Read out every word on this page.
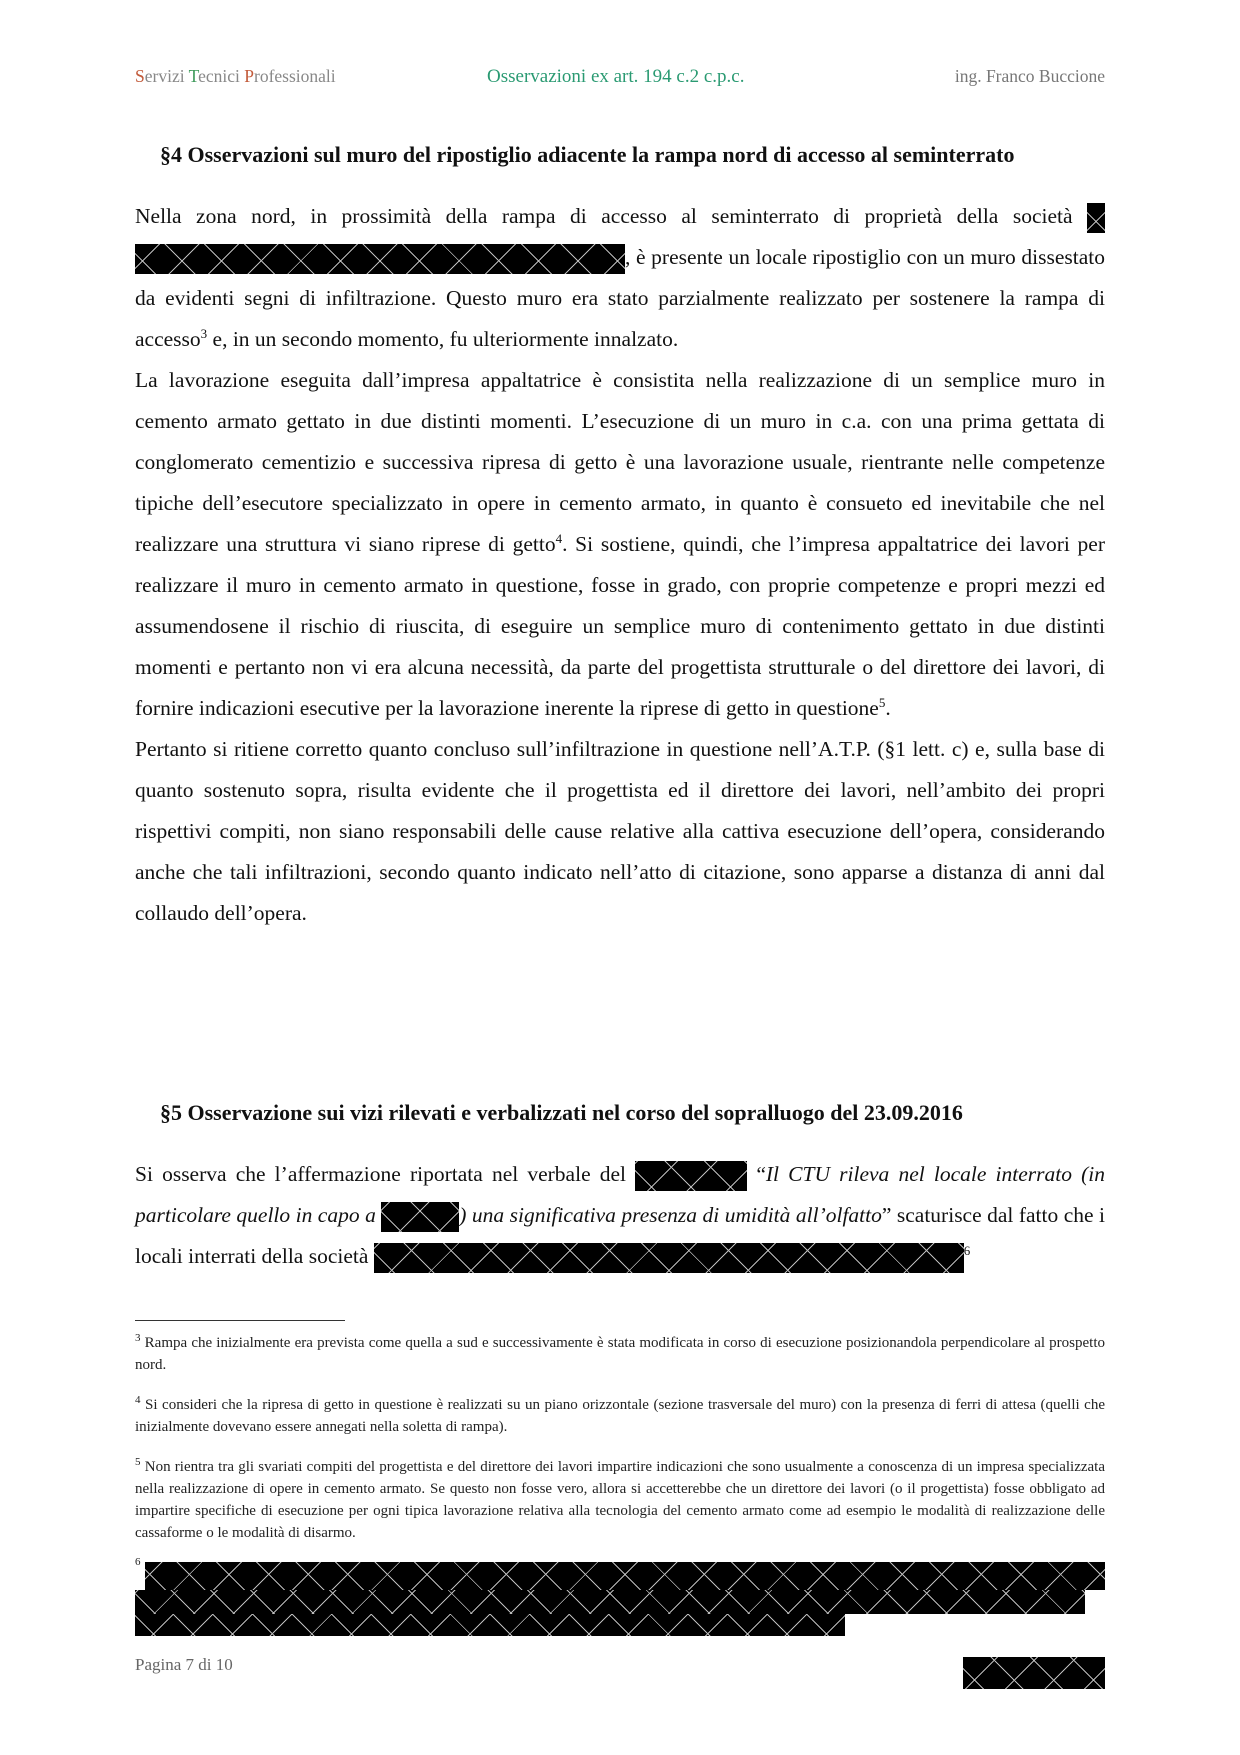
Servizi Tecnici Professionali	Osservazioni ex art. 194 c.2 c.p.c.	ing. Franco Buccione
§4 Osservazioni sul muro del ripostiglio adiacente la rampa nord di accesso al seminterrato

Nella zona nord, in prossimità della rampa di accesso al seminterrato di proprietà della società  , è presente un locale ripostiglio con un muro dissestato da evidenti segni di infiltrazione. Questo muro era stato parzialmente realizzato per sostenere la rampa di accesso$^3$ e, in un secondo momento, fu ulteriormente innalzato.

La lavorazione eseguita dall’impresa appaltatrice è consistita nella realizzazione di un semplice muro in cemento armato gettato in due distinti momenti. L’esecuzione di un muro in c.a. con una prima gettata di conglomerato cementizio e successiva ripresa di getto è una lavorazione usuale, rientrante nelle competenze tipiche dell’esecutore specializzato in opere in cemento armato, in quanto è consueto ed inevitabile che nel realizzare una struttura vi siano riprese di getto$^4$. Si sostiene, quindi, che l’impresa appaltatrice dei lavori per realizzare il muro in cemento armato in questione, fosse in grado, con proprie competenze e propri mezzi ed assumendosene il rischio di riuscita, di eseguire un semplice muro di contenimento gettato in due distinti momenti e pertanto non vi era alcuna necessità, da parte del progettista strutturale o del direttore dei lavori, di fornire indicazioni esecutive per la lavorazione inerente la riprese di getto in questione$^5$.

Pertanto si ritiene corretto quanto concluso sull’infiltrazione in questione nell’A.T.P. (§1 lett. c) e, sulla base di quanto sostenuto sopra, risulta evidente che il progettista ed il direttore dei lavori, nell’ambito dei propri rispettivi compiti, non siano responsabili delle cause relative alla cattiva esecuzione dell’opera, considerando anche che tali infiltrazioni, secondo quanto indicato nell’atto di citazione, sono apparse a distanza di anni dal collaudo dell’opera.

§5 Osservazione sui vizi rilevati e verbalizzati nel corso del sopralluogo del 23.09.2016

Si osserva che l’affermazione riportata nel verbale del	“Il CTU rileva nel locale interrato (in particolare quello in capo a	) una significativa presenza di umidità all’olfatto” scaturisce dal fatto che i locali interrati della società	$^6$

$^3$ Rampa che inizialmente era prevista come quella a sud e successivamente è stata modificata in corso di esecuzione posizionandola perpendicolare al prospetto nord.
$^4$ Si consideri che la ripresa di getto in questione è realizzati su un piano orizzontale (sezione trasversale del muro) con la presenza di ferri di attesa (quelli che inizialmente dovevano essere annegati nella soletta di rampa).
$^5$ Non rientra tra gli svariati compiti del progettista e del direttore dei lavori impartire indicazioni che sono usualmente a conoscenza di un impresa specializzata nella realizzazione di opere in cemento armato. Se questo non fosse vero, allora si accetterebbe che un direttore dei lavori (o il progettista) fosse obbligato ad impartire specifiche di esecuzione per ogni tipica lavorazione relativa alla tecnologia del cemento armato come ad esempio le modalità di realizzazione delle cassaforme o le modalità di disarmo.
$^6$
Pagina 7 di 10
